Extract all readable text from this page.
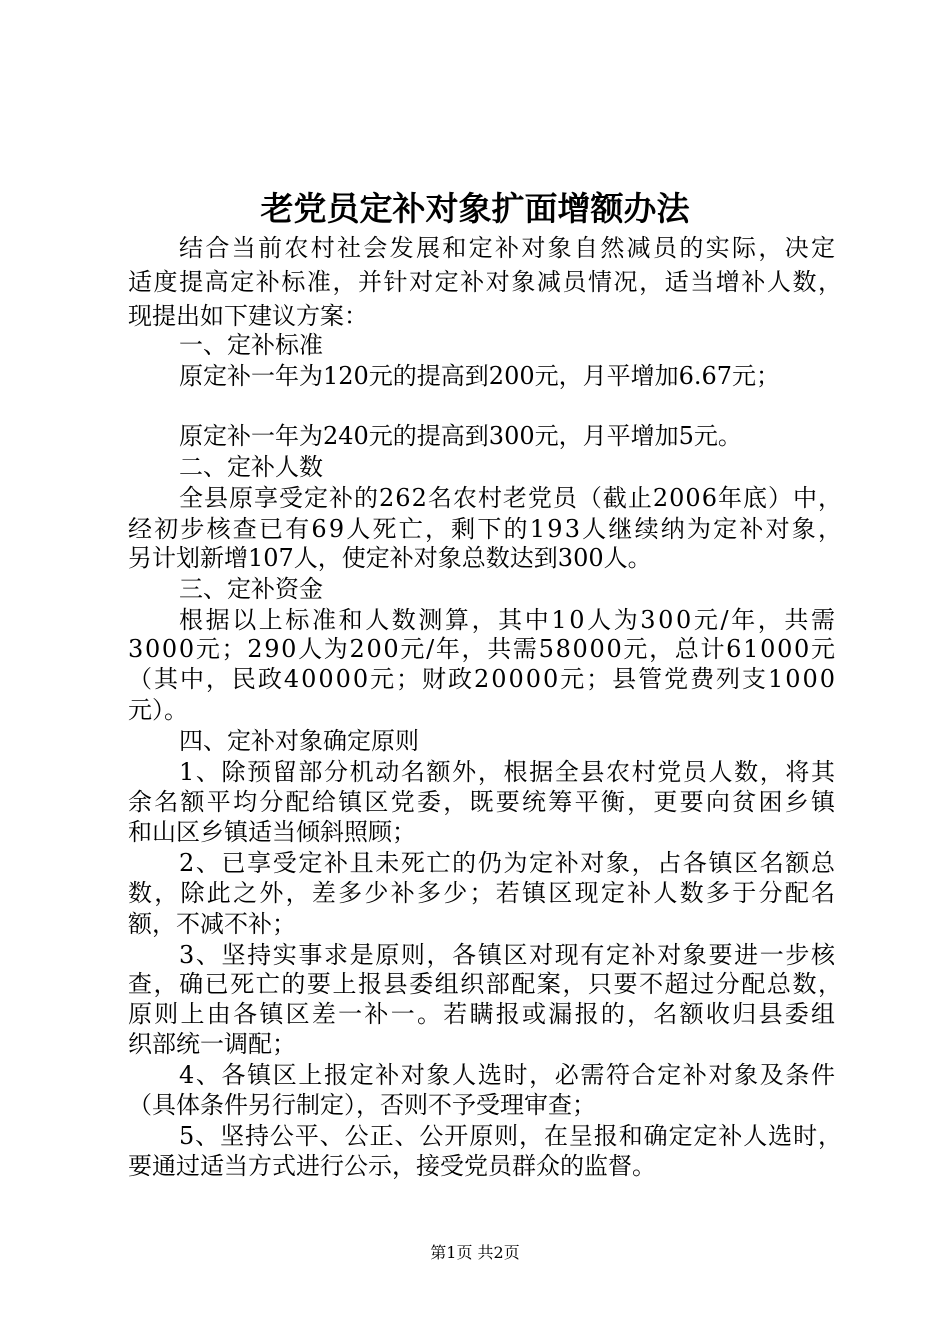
老党员定补对象扩面增额办法
结合当前农村社会发展和定补对象自然减员的实际，决定
适度提高定补标准，并针对定补对象减员情况，适当增补人数，
现提出如下建议方案：
一、定补标准
原定补一年为120元的提高到200元，月平增加6.67元；
原定补一年为240元的提高到300元，月平增加5元。
二、定补人数
全县原享受定补的262名农村老党员（截止2006年底）中，
经初步核查已有69人死亡，剩下的193人继续纳为定补对象，
另计划新增107人，使定补对象总数达到300人。
三、定补资金
根据以上标准和人数测算，其中10人为300元/年，共需
3000元；290人为200元/年，共需58000元，总计61000元
（其中，民政40000元；财政20000元；县管党费列支1000
元）。
四、定补对象确定原则
1、除预留部分机动名额外，根据全县农村党员人数，将其
余名额平均分配给镇区党委，既要统筹平衡，更要向贫困乡镇
和山区乡镇适当倾斜照顾；
2、已享受定补且未死亡的仍为定补对象，占各镇区名额总
数，除此之外，差多少补多少；若镇区现定补人数多于分配名
额，不减不补；
3、坚持实事求是原则，各镇区对现有定补对象要进一步核
查，确已死亡的要上报县委组织部配案，只要不超过分配总数，
原则上由各镇区差一补一。若瞒报或漏报的，名额收归县委组
织部统一调配；
4、各镇区上报定补对象人选时，必需符合定补对象及条件
（具体条件另行制定），否则不予受理审查；
5、坚持公平、公正、公开原则，在呈报和确定定补人选时，
要通过适当方式进行公示，接受党员群众的监督。
第1页 共2页
